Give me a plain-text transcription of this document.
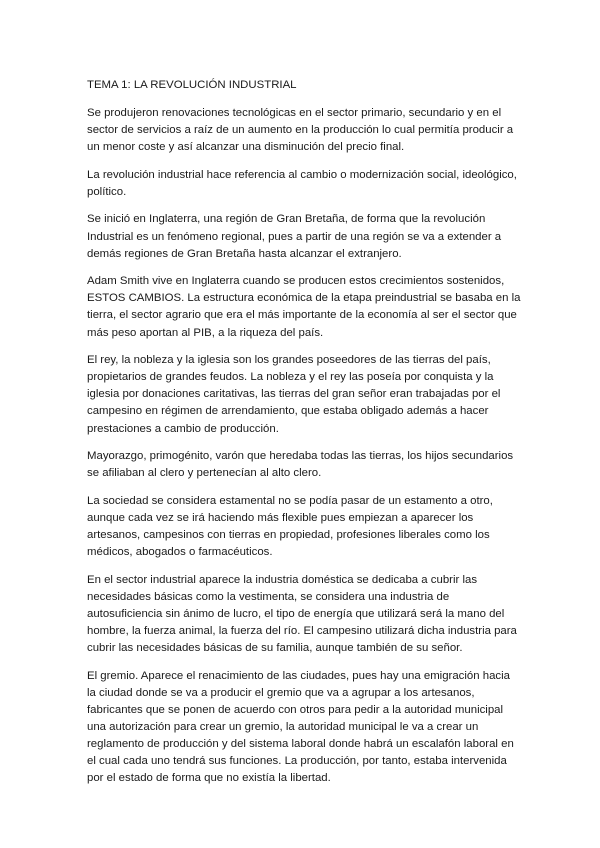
TEMA 1: LA REVOLUCIÓN INDUSTRIAL

Se produjeron renovaciones tecnológicas en el sector primario, secundario y en el sector de servicios a raíz de un aumento en la producción lo cual permitía producir a un menor coste y así alcanzar una disminución del precio final.

La revolución industrial hace referencia al cambio o modernización social, ideológico, político.

Se inició en Inglaterra, una región de Gran Bretaña, de forma que la revolución Industrial es un fenómeno regional, pues a partir de una región se va a extender a demás regiones de Gran Bretaña hasta alcanzar el extranjero.

Adam Smith vive en Inglaterra cuando se producen estos crecimientos sostenidos, ESTOS CAMBIOS. La estructura económica de la etapa preindustrial se basaba en la tierra, el sector agrario que era el más importante de la economía al ser el sector que más peso aportan al PIB, a la riqueza del país.

El rey, la nobleza y la iglesia son los grandes poseedores de las tierras del país, propietarios de grandes feudos. La nobleza y el rey las poseía por conquista y la iglesia por donaciones caritativas, las tierras del gran señor eran trabajadas por el campesino en régimen de arrendamiento, que estaba obligado además a hacer prestaciones a cambio de producción.

Mayorazgo, primogénito, varón que heredaba todas las tierras, los hijos secundarios se afiliaban al clero y pertenecían al alto clero.

La sociedad se considera estamental no se podía pasar de un estamento a otro, aunque cada vez se irá haciendo más flexible pues empiezan a aparecer los artesanos, campesinos con tierras en propiedad, profesiones liberales como los médicos, abogados o farmacéuticos.

En el sector industrial aparece la industria doméstica se dedicaba a cubrir las necesidades básicas como la vestimenta, se considera una industria de autosuficiencia sin ánimo de lucro, el tipo de energía que utilizará será la mano del hombre, la fuerza animal, la fuerza del río. El campesino utilizará dicha industria para cubrir las necesidades básicas de su familia, aunque también de su señor.

El gremio. Aparece el renacimiento de las ciudades, pues hay una emigración hacia la ciudad donde se va a producir el gremio que va a agrupar a los artesanos, fabricantes que se ponen de acuerdo con otros para pedir a la autoridad municipal una autorización para crear un gremio, la autoridad municipal le va a crear un reglamento de producción y del sistema laboral donde habrá un escalafón laboral en el cual cada uno tendrá sus funciones. La producción, por tanto, estaba intervenida por el estado de forma que no existía la libertad.
